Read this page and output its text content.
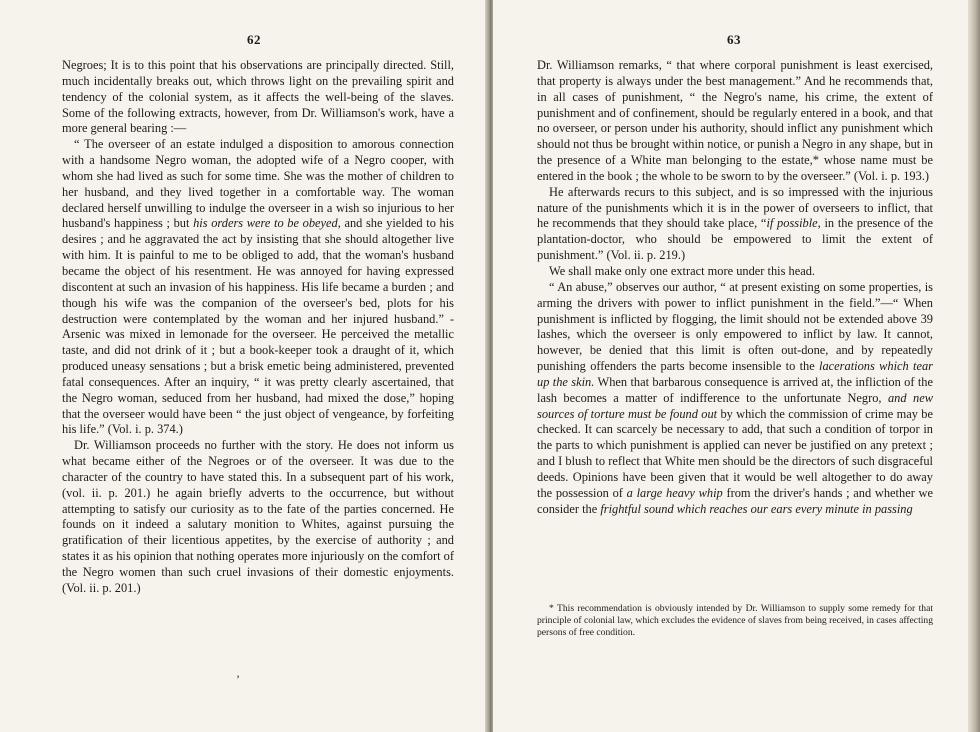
62

Negroes; It is to this point that his observations are principally directed. Still, much incidentally breaks out, which throws light on the prevailing spirit and tendency of the colonial system, as it affects the well-being of the slaves. Some of the following extracts, however, from Dr. Williamson's work, have a more general bearing :—

“ The overseer of an estate indulged a disposition to amorous connection with a handsome Negro woman, the adopted wife of a Negro cooper, with whom she had lived as such for some time. She was the mother of children to her husband, and they lived together in a comfortable way. The woman declared herself unwilling to indulge the overseer in a wish so injurious to her husband's happiness ; but his orders were to be obeyed, and she yielded to his desires ; and he aggravated the act by insisting that she should altogether live with him. It is painful to me to be obliged to add, that the woman's husband became the object of his resentment. He was annoyed for having expressed discontent at such an invasion of his happiness. His life became a burden ; and though his wife was the companion of the overseer's bed, plots for his destruction were contemplated by the woman and her injured husband.” - Arsenic was mixed in lemonade for the overseer. He perceived the metallic taste, and did not drink of it ; but a book-keeper took a draught of it, which produced uneasy sensations ; but a brisk emetic being administered, prevented fatal consequences. After an inquiry, “ it was pretty clearly ascertained, that the Negro woman, seduced from her husband, had mixed the dose,” hoping that the overseer would have been “ the just object of vengeance, by forfeiting his life.” (Vol. i. p. 374.)

Dr. Williamson proceeds no further with the story. He does not inform us what became either of the Negroes or of the overseer. It was due to the character of the country to have stated this. In a subsequent part of his work, (vol. ii. p. 201.) he again briefly adverts to the occurrence, but without attempting to satisfy our curiosity as to the fate of the parties concerned. He founds on it indeed a salutary monition to Whites, against pursuing the gratification of their licentious appetites, by the exercise of authority ; and states it as his opinion that nothing operates more injuriously on the comfort of the Negro women than such cruel invasions of their domestic enjoyments. (Vol. ii. p. 201.)

’
63

Dr. Williamson remarks, “ that where corporal punishment is least exercised, that property is always under the best management.” And he recommends that, in all cases of punishment, “ the Negro's name, his crime, the extent of punishment and of confinement, should be regularly entered in a book, and that no overseer, or person under his authority, should inflict any punishment which should not thus be brought within notice, or punish a Negro in any shape, but in the presence of a White man belonging to the estate,* whose name must be entered in the book ; the whole to be sworn to by the overseer.” (Vol. i. p. 193.)

He afterwards recurs to this subject, and is so impressed with the injurious nature of the punishments which it is in the power of overseers to inflict, that he recommends that they should take place, “if possible, in the presence of the plantation-doctor, who should be empowered to limit the extent of punishment.” (Vol. ii. p. 219.)

We shall make only one extract more under this head.

“ An abuse,” observes our author, “ at present existing on some properties, is arming the drivers with power to inflict punishment in the field.”—“ When punishment is inflicted by flogging, the limit should not be extended above 39 lashes, which the overseer is only empowered to inflict by law. It cannot, however, be denied that this limit is often out-done, and by repeatedly punishing offenders the parts become insensible to the lacerations which tear up the skin. When that barbarous consequence is arrived at, the infliction of the lash becomes a matter of indifference to the unfortunate Negro, and new sources of torture must be found out by which the commission of crime may be checked. It can scarcely be necessary to add, that such a condition of torpor in the parts to which punishment is applied can never be justified on any pretext ; and I blush to reflect that White men should be the directors of such disgraceful deeds. Opinions have been given that it would be well altogether to do away the possession of a large heavy whip from the driver's hands ; and whether we consider the frightful sound which reaches our ears every minute in passing

* This recommendation is obviously intended by Dr. Williamson to supply some remedy for that principle of colonial law, which excludes the evidence of slaves from being received, in cases affecting persons of free condition.
